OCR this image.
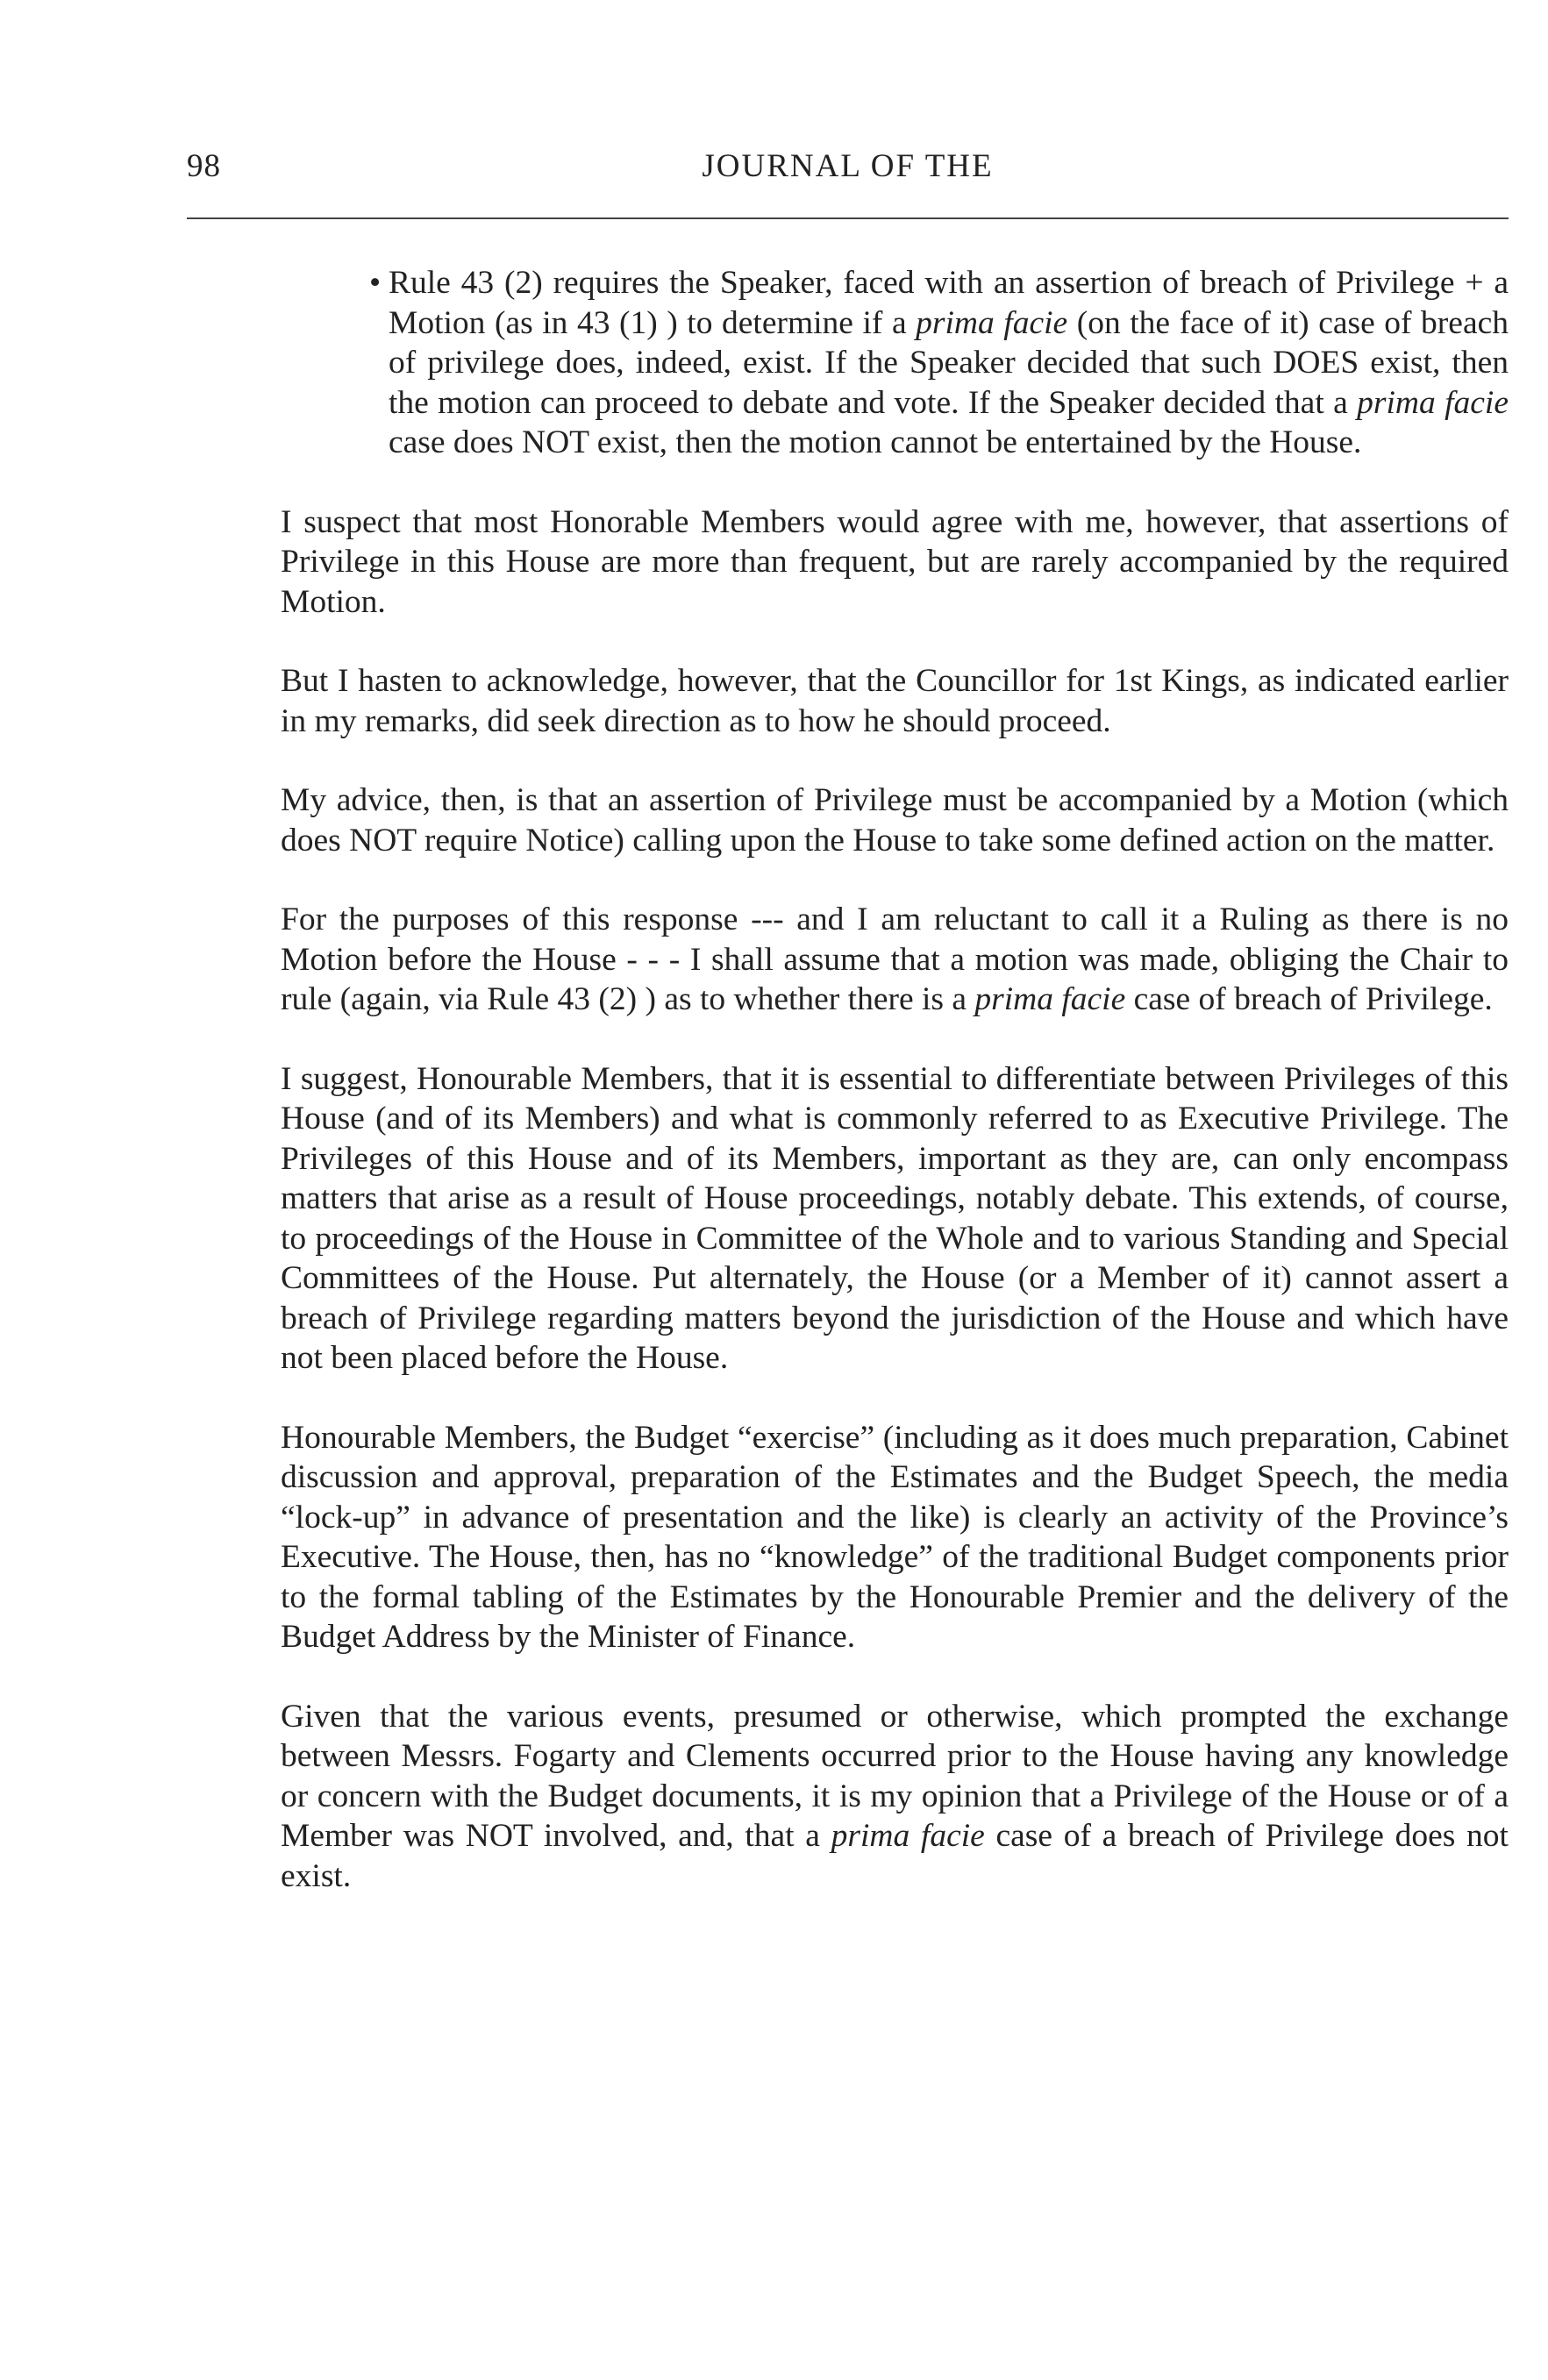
98	JOURNAL OF THE

• Rule 43 (2) requires the Speaker, faced with an assertion of breach of Privilege + a Motion (as in 43 (1) ) to determine if a prima facie (on the face of it) case of breach of privilege does, indeed, exist. If the Speaker decided that such DOES exist, then the motion can proceed to debate and vote. If the Speaker decided that a prima facie case does NOT exist, then the motion cannot be entertained by the House.

I suspect that most Honorable Members would agree with me, however, that assertions of Privilege in this House are more than frequent, but are rarely accompanied by the required Motion.

But I hasten to acknowledge, however, that the Councillor for 1st Kings, as indicated earlier in my remarks, did seek direction as to how he should proceed.

My advice, then, is that an assertion of Privilege must be accompanied by a Motion (which does NOT require Notice) calling upon the House to take some defined action on the matter.

For the purposes of this response --- and I am reluctant to call it a Ruling as there is no Motion before the House - - - I shall assume that a motion was made, obliging the Chair to rule (again, via Rule 43 (2) ) as to whether there is a prima facie case of breach of Privilege.

I suggest, Honourable Members, that it is essential to differentiate between Privileges of this House (and of its Members) and what is commonly referred to as Executive Privilege. The Privileges of this House and of its Members, important as they are, can only encompass matters that arise as a result of House proceedings, notably debate. This extends, of course, to proceedings of the House in Committee of the Whole and to various Standing and Special Committees of the House. Put alternately, the House (or a Member of it) cannot assert a breach of Privilege regarding matters beyond the jurisdiction of the House and which have not been placed before the House.

Honourable Members, the Budget “exercise” (including as it does much preparation, Cabinet discussion and approval, preparation of the Estimates and the Budget Speech, the media “lock-up” in advance of presentation and the like) is clearly an activity of the Province’s Executive. The House, then, has no “knowledge” of the traditional Budget components prior to the formal tabling of the Estimates by the Honourable Premier and the delivery of the Budget Address by the Minister of Finance.

Given that the various events, presumed or otherwise, which prompted the exchange between Messrs. Fogarty and Clements occurred prior to the House having any knowledge or concern with the Budget documents, it is my opinion that a Privilege of the House or of a Member was NOT involved, and, that a prima facie case of a breach of Privilege does not exist.
